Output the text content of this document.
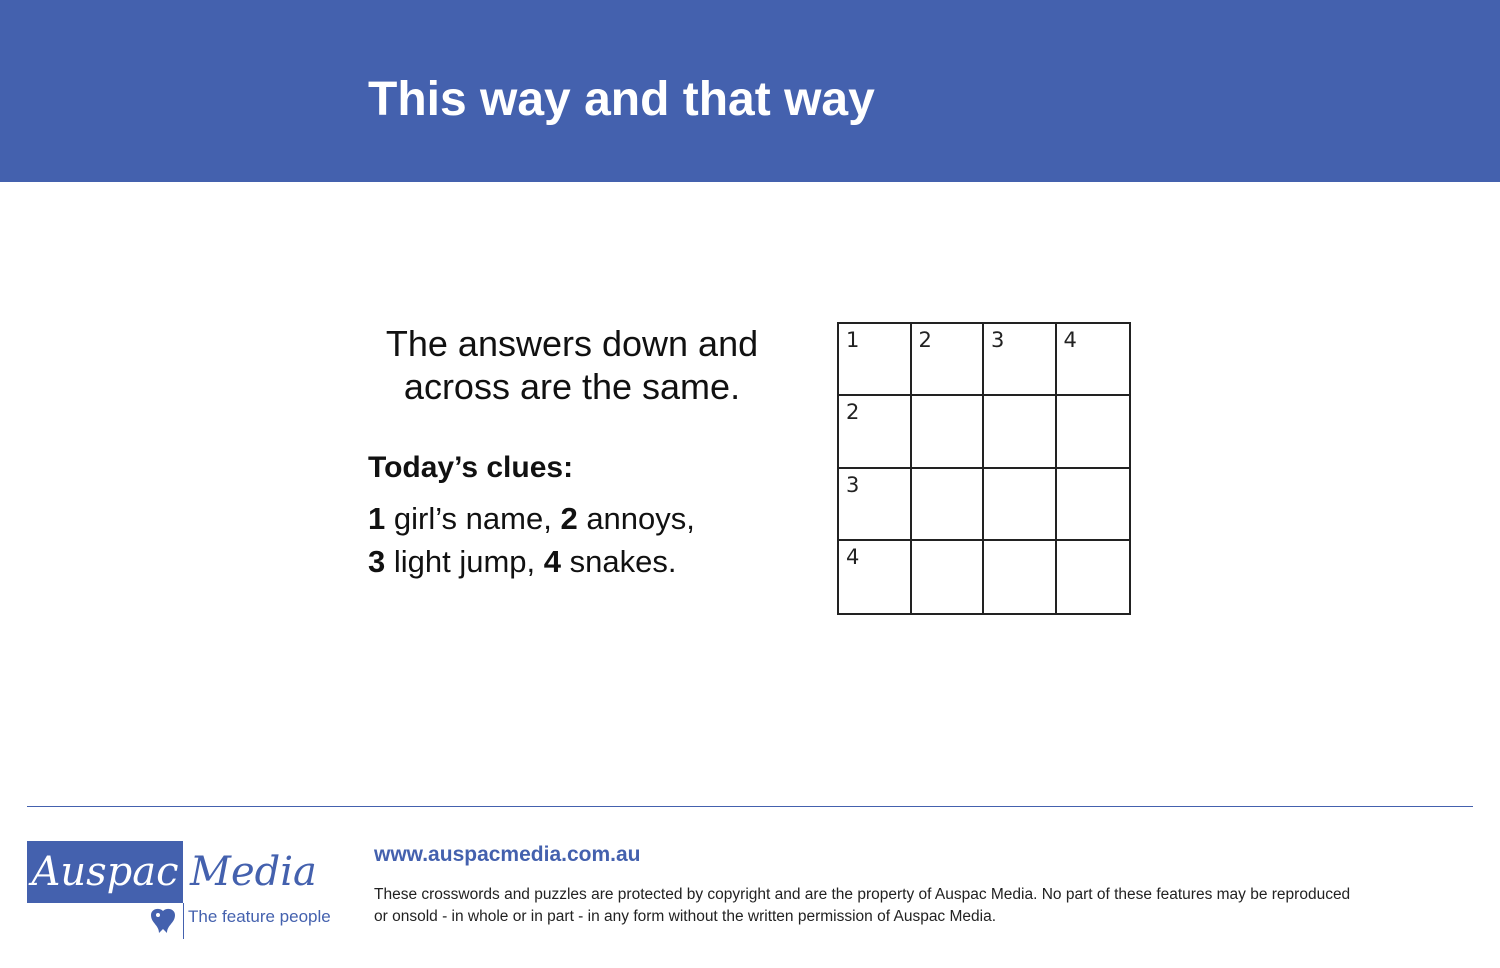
This way and that way
The answers down and
across are the same.
Today’s clues:
1 girl’s name, 2 annoys,
3 light jump, 4 snakes.
1	2	3	4
2
3
4
Auspac Media
The feature people
www.auspacmedia.com.au
These crosswords and puzzles are protected by copyright and are the property of Auspac Media. No part of these features may be reproduced
or onsold - in whole or in part - in any form without the written permission of Auspac Media.
